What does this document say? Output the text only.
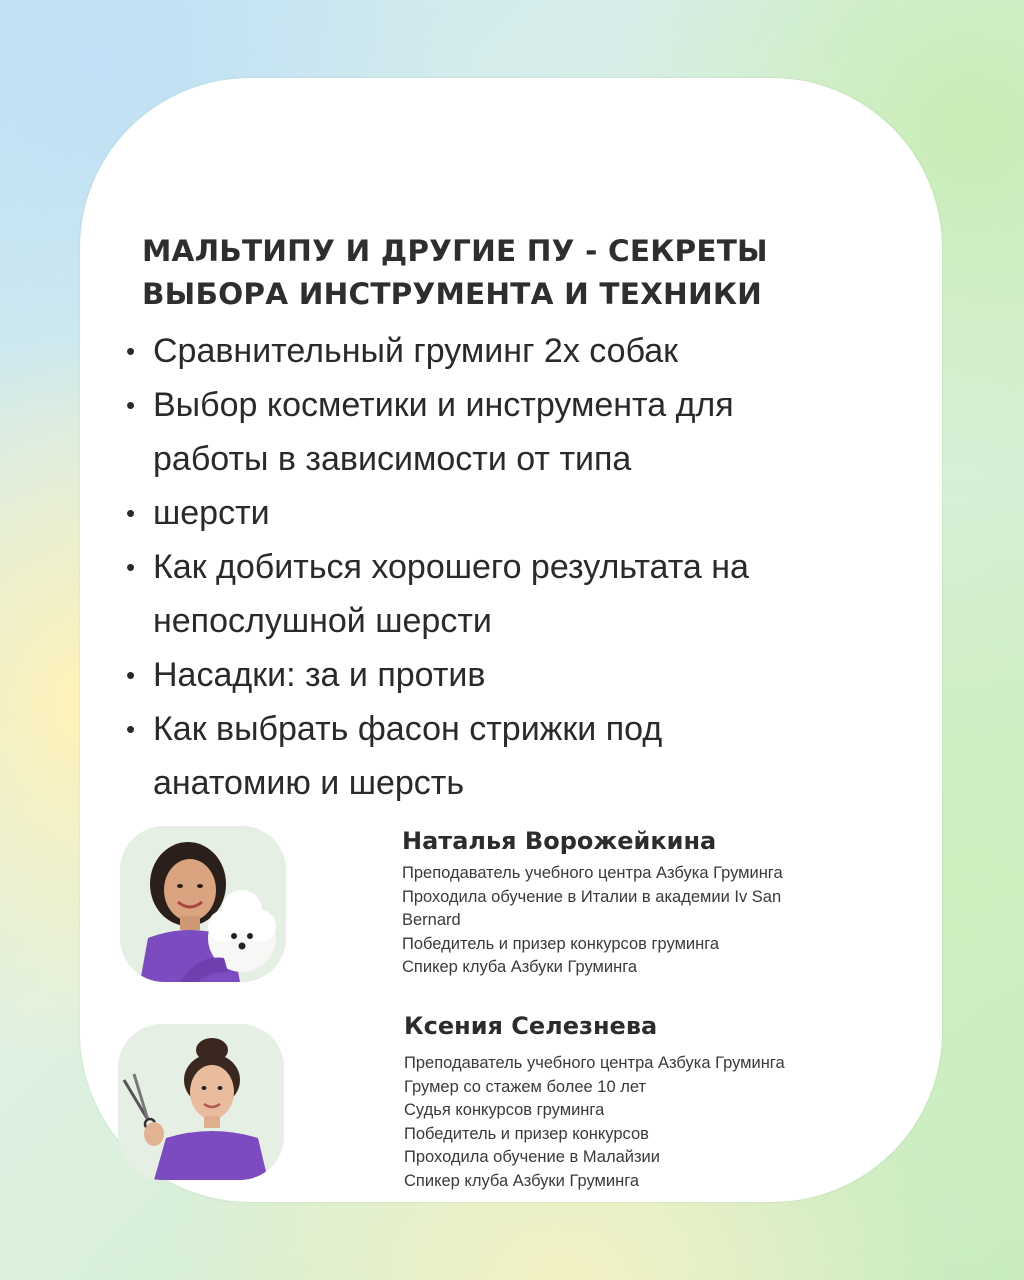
МАЛЬТИПУ И ДРУГИЕ ПУ - СЕКРЕТЫ
ВЫБОРА ИНСТРУМЕНТА И ТЕХНИКИ
• Сравнительный груминг 2х собак
• Выбор косметики и инструмента для
работы в зависимости от типа
• шерсти
• Как добиться хорошего результата на
непослушной шерсти
• Насадки: за и против
• Как выбрать фасон стрижки под
анатомию и шерсть
Наталья Ворожейкина
Преподаватель учебного центра Азбука Груминга
Проходила обучение в Италии в академии Iv San
Bernard
Победитель и призер конкурсов груминга
Спикер клуба Азбуки Груминга
Ксения Селезнева
Преподаватель учебного центра Азбука Груминга
Грумер со стажем более 10 лет
Судья конкурсов груминга
Победитель и призер конкурсов
Проходила обучение в Малайзии
Спикер клуба Азбуки Груминга
